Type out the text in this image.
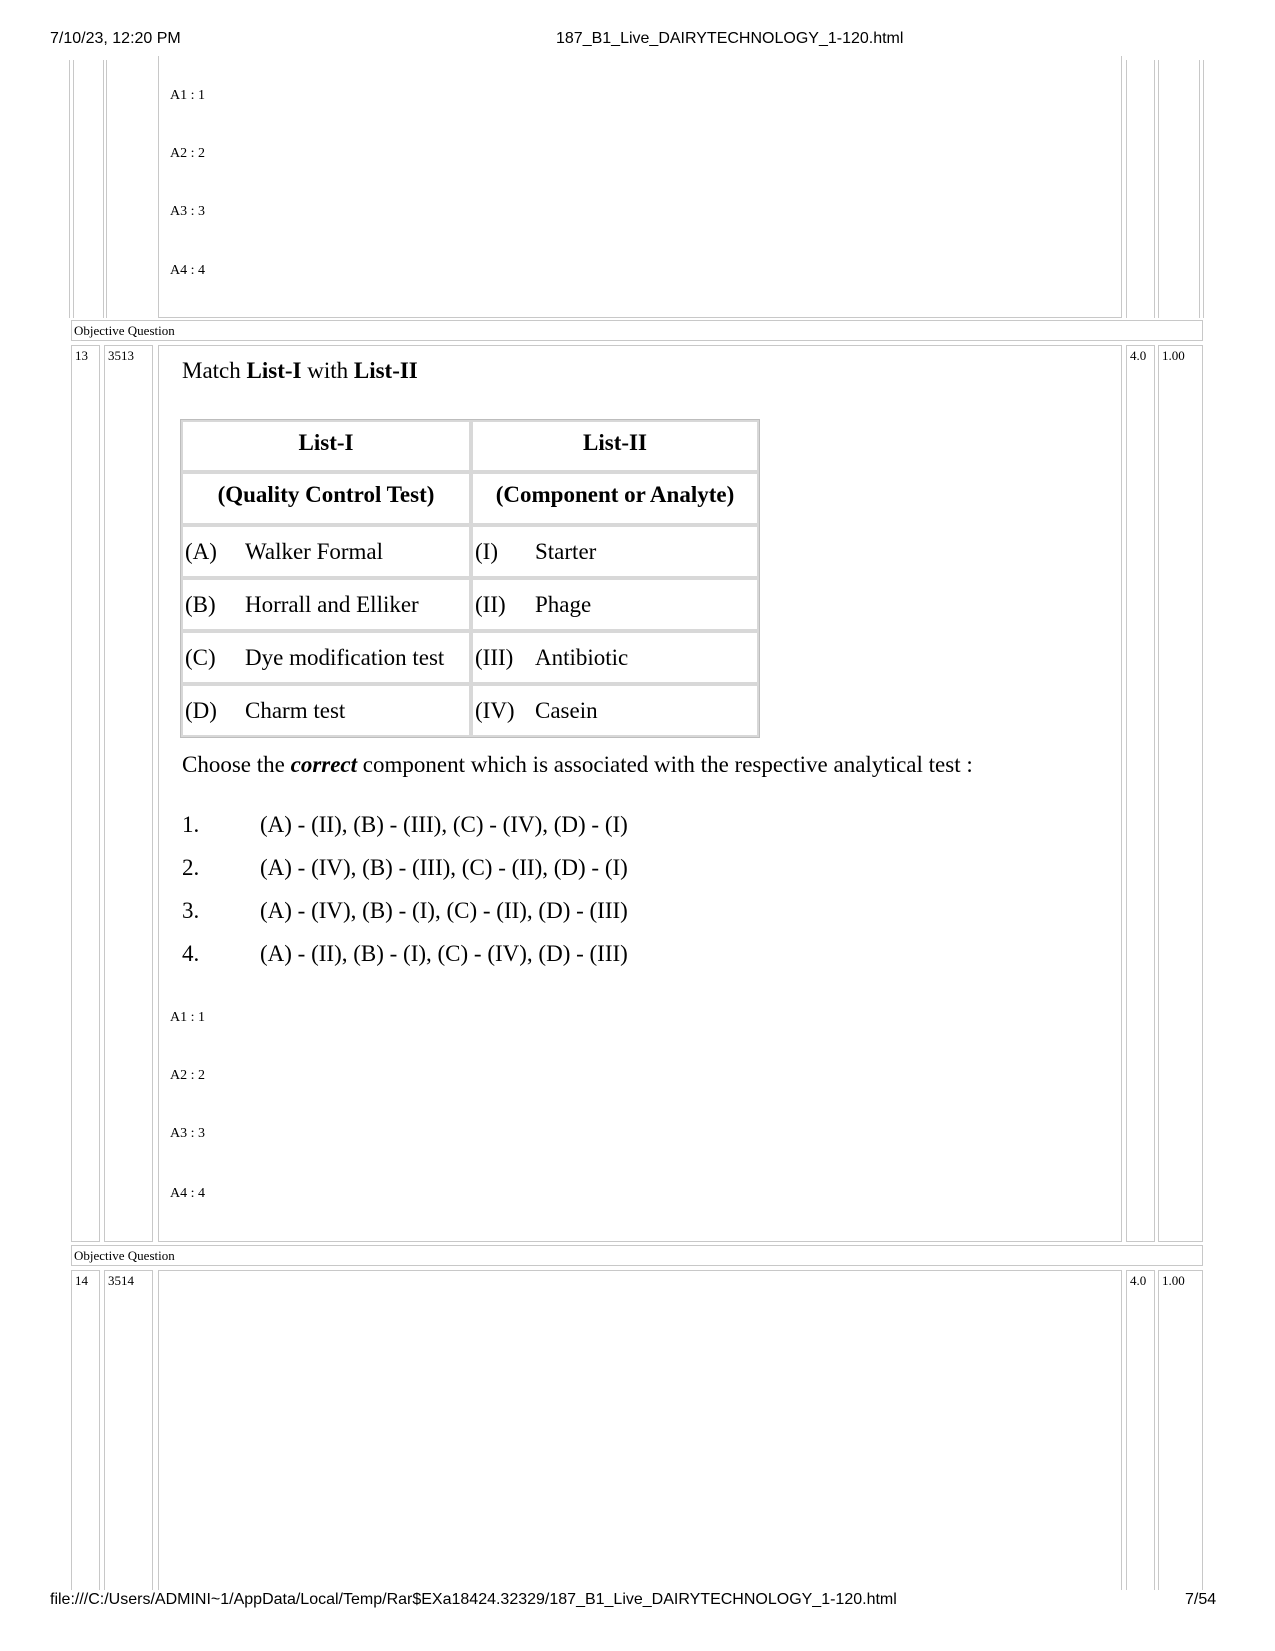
7/10/23, 12:20 PM	187_B1_Live_DAIRYTECHNOLOGY_1-120.html
A1 : 1
A2 : 2
A3 : 3
A4 : 4
Objective Question
13 3513	4.0 1.00
Match List-I with List-II
List-I	List-II
(Quality Control Test)	(Component or Analyte)
(A) Walker Formal	(I) Starter
(B) Horrall and Elliker (II) Phage
(C) Dye modification test (III) Antibiotic
(D) Charm test	(IV) Casein
Choose the correct component which is associated with the respective analytical test :
1.	(A) - (II), (B) - (III), (C) - (IV), (D) - (I)
2.	(A) - (IV), (B) - (III), (C) - (II), (D) - (I)
3.	(A) - (IV), (B) - (I), (C) - (II), (D) - (III)
4.	(A) - (II), (B) - (I), (C) - (IV), (D) - (III)
A1 : 1
A2 : 2
A3 : 3
A4 : 4
Objective Question
14 3514	4.0 1.00
file:///C:/Users/ADMINI~1/AppData/Local/Temp/Rar$EXa18424.32329/187_B1_Live_DAIRYTECHNOLOGY_1-120.html	7/54
